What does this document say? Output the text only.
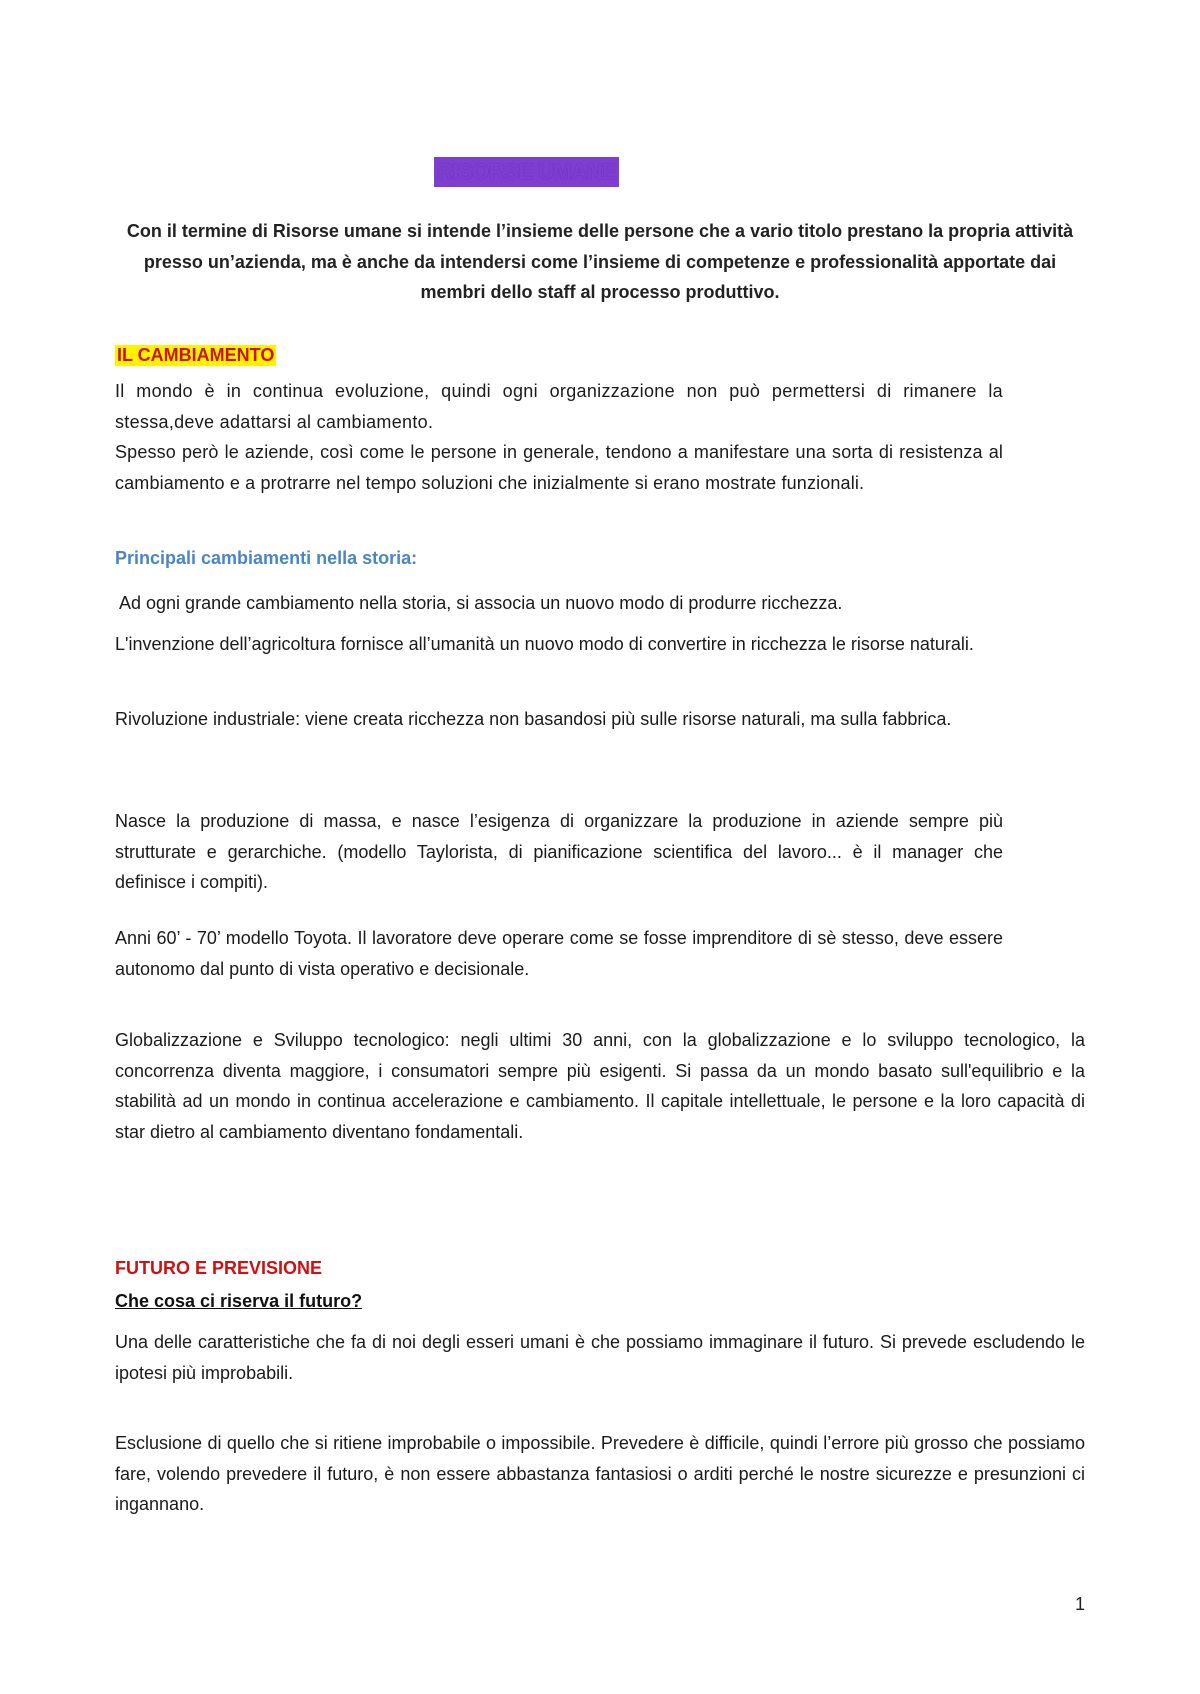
RISORSE UMANE
Con il termine di Risorse umane si intende l’insieme delle persone che a vario titolo prestano la propria attività presso un’azienda, ma è anche da intendersi come l’insieme di competenze e professionalità apportate dai membri dello staff al processo produttivo.
IL CAMBIAMENTO
Il mondo è in continua evoluzione, quindi ogni organizzazione non può permettersi di rimanere la stessa,deve adattarsi al cambiamento.
Spesso però le aziende, così come le persone in generale, tendono a manifestare una sorta di resistenza al cambiamento e a protrarre nel tempo soluzioni che inizialmente si erano mostrate funzionali.
Principali cambiamenti nella storia:
Ad ogni grande cambiamento nella storia, si associa un nuovo modo di produrre ricchezza.
L'invenzione dell’agricoltura fornisce all’umanità un nuovo modo di convertire in ricchezza le risorse naturali.
Rivoluzione industriale: viene creata ricchezza non basandosi più sulle risorse naturali, ma sulla fabbrica.
Nasce la produzione di massa, e nasce l’esigenza di organizzare la produzione in aziende sempre più strutturate e gerarchiche. (modello Taylorista, di pianificazione scientifica del lavoro... è il manager che definisce i compiti).
Anni 60’ - 70’ modello Toyota. Il lavoratore deve operare come se fosse imprenditore di sè stesso, deve essere autonomo dal punto di vista operativo e decisionale.
Globalizzazione e Sviluppo tecnologico: negli ultimi 30 anni, con la globalizzazione e lo sviluppo tecnologico, la concorrenza diventa maggiore, i consumatori sempre più esigenti. Si passa da un mondo basato sull'equilibrio e la stabilità ad un mondo in continua accelerazione e cambiamento. Il capitale intellettuale, le persone e la loro capacità di star dietro al cambiamento diventano fondamentali.
FUTURO E PREVISIONE
Che cosa ci riserva il futuro?
Una delle caratteristiche che fa di noi degli esseri umani è che possiamo immaginare il futuro. Si prevede escludendo le ipotesi più improbabili.
Esclusione di quello che si ritiene improbabile o impossibile. Prevedere è difficile, quindi l’errore più grosso che possiamo fare, volendo prevedere il futuro, è non essere abbastanza fantasiosi o arditi perché le nostre sicurezze e presunzioni ci ingannano.
1
